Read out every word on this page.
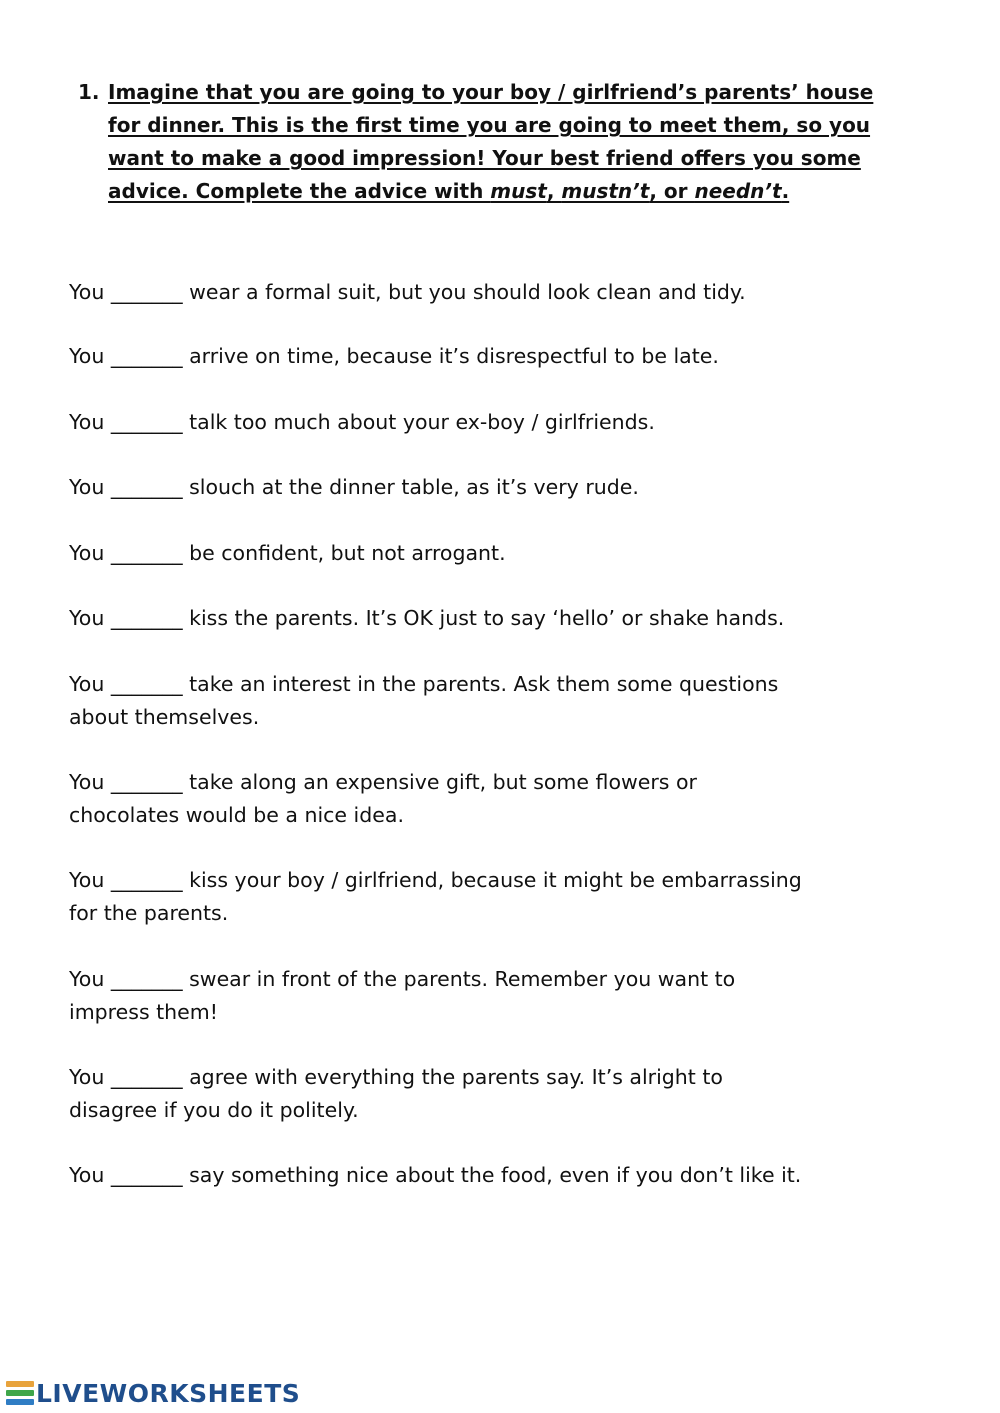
1. Imagine that you are going to your boy / girlfriend’s parents’ house for dinner. This is the first time you are going to meet them, so you want to make a good impression! Your best friend offers you some advice. Complete the advice with must, mustn’t, or needn’t.
You _______ wear a formal suit, but you should look clean and tidy.
You _______ arrive on time, because it’s disrespectful to be late.
You _______ talk too much about your ex-boy / girlfriends.
You _______ slouch at the dinner table, as it’s very rude.
You _______ be confident, but not arrogant.
You _______ kiss the parents. It’s OK just to say ‘hello’ or shake hands.
You _______ take an interest in the parents. Ask them some questions
about themselves.
You _______ take along an expensive gift, but some flowers or
chocolates would be a nice idea.
You _______ kiss your boy / girlfriend, because it might be embarrassing
for the parents.
You _______ swear in front of the parents. Remember you want to
impress them!
You _______ agree with everything the parents say. It’s alright to
disagree if you do it politely.
You _______ say something nice about the food, even if you don’t like it.
LIVEWORKSHEETS
